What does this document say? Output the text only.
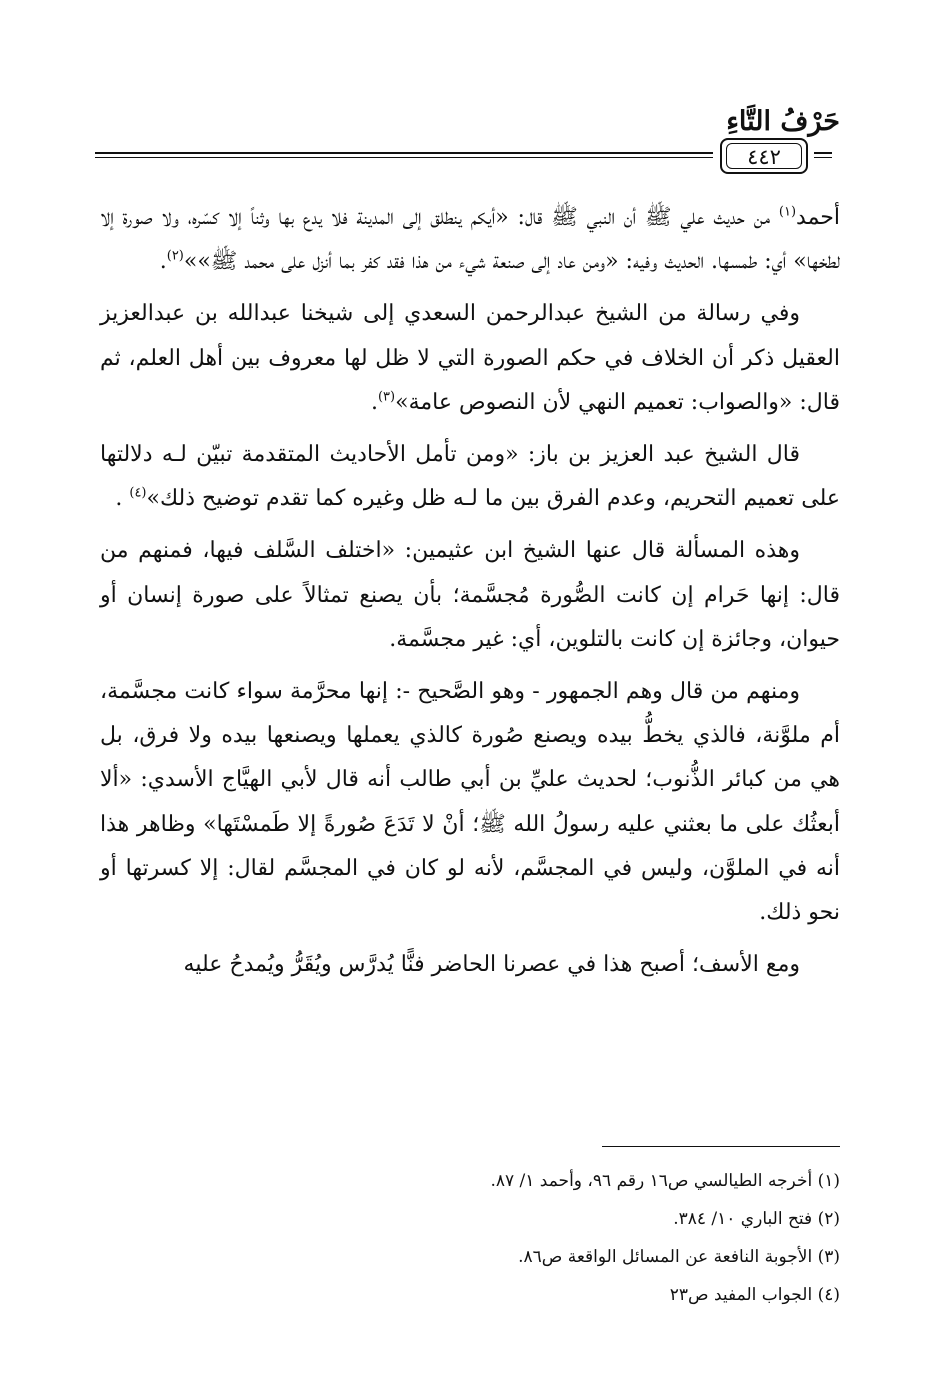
حَرْفُ التَّاءِ
٤٤٢

أحمد$^{(١)}$ من حديث علي ﷺ أن النبي ﷺ قال: «أيكم ينطلق إلى المدينة فلا يدع بها وثناً إلا كسّره، ولا صورة إلا لطخها» أي: طمسها. الحديث وفيه: «ومن عاد إلى صنعة شيء من هذا فقد كفر بما أنزل على محمد ﷺ»»$^{(٢)}$.

وفي رسالة من الشيخ عبدالرحمن السعدي إلى شيخنا عبدالله بن عبدالعزيز العقيل ذكر أن الخلاف في حكم الصورة التي لا ظل لها معروف بين أهل العلم، ثم قال: «والصواب: تعميم النهي لأن النصوص عامة»$^{(٣)}$.

قال الشيخ عبد العزيز بن باز: «ومن تأمل الأحاديث المتقدمة تبيّن لـه دلالتها على تعميم التحريم، وعدم الفرق بين ما لـه ظل وغيره كما تقدم توضيح ذلك»$^{(٤)}$ .

وهذه المسألة قال عنها الشيخ ابن عثيمين: «اختلف السَّلف فيها، فمنهم من قال: إنها حَرام إن كانت الصُّورة مُجسَّمة؛ بأن يصنع تمثالاً على صورة إنسان أو حيوان، وجائزة إن كانت بالتلوين، أي: غير مجسَّمة.

ومنهم من قال وهم الجمهور - وهو الصَّحيح -: إنها محرَّمة سواء كانت مجسَّمة، أم ملوَّنة، فالذي يخطُّ بيده ويصنع صُورة كالذي يعملها ويصنعها بيده ولا فرق، بل هي من كبائر الذُّنوب؛ لحديث عليِّ بن أبي طالب أنه قال لأبي الهيَّاج الأسدي: «ألا أبعثُك على ما بعثني عليه رسولُ الله ﷺ؛ أنْ لا تَدَعَ صُورةً إلا طَمسْتَها» وظاهر هذا أنه في الملوَّن، وليس في المجسَّم، لأنه لو كان في المجسَّم لقال: إلا كسرتها أو نحو ذلك.

ومع الأسف؛ أصبح هذا في عصرنا الحاضر فنًّا يُدرَّس ويُقَرُّ ويُمدحُ عليه

(١) أخرجه الطيالسي ص١٦ رقم ٩٦، وأحمد ١/ ٨٧.
(٢) فتح الباري ١٠/ ٣٨٤.
(٣) الأجوبة النافعة عن المسائل الواقعة ص٨٦.
(٤) الجواب المفيد ص٢٣
